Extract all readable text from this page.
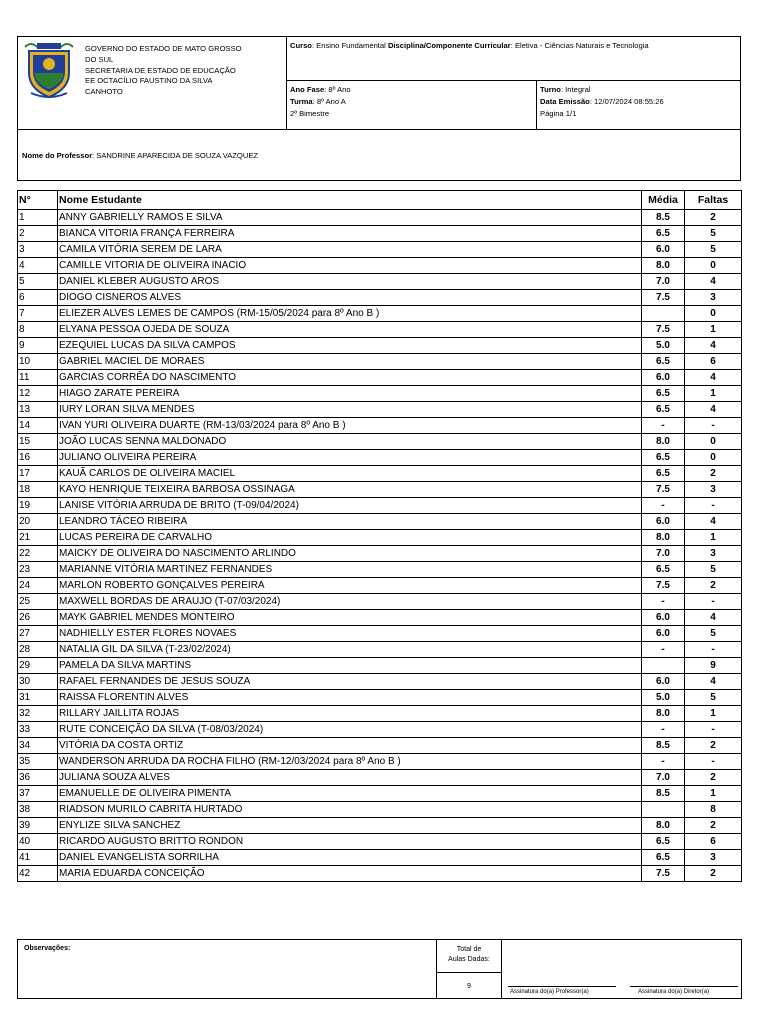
GOVERNO DO ESTADO DE MATO GROSSO
DO SUL
SECRETARIA DE ESTADO DE EDUCAÇÃO
EE OCTACÍLIO FAUSTINO DA SILVA
CANHOTO
Curso: Ensino Fundamental Disciplina/Componente Curricular: Eletiva - Ciências Naturais e Tecnologia
Ano Fase: 8º Ano
Turma: 8º Ano A
2º Bimestre
Turno: Integral
Data Emissão: 12/07/2024 08:55:26
Página 1/1
Nome do Professor: SANDRINE APARECIDA DE SOUZA VAZQUEZ
N°	Nome Estudante	Média	Faltas
1	ANNY GABRIELLY RAMOS E SILVA	8.5	2
2	BIANCA VITORIA FRANÇA FERREIRA	6.5	5
3	CAMILA VITÓRIA SEREM DE LARA	6.0	5
4	CAMILLE VITORIA DE OLIVEIRA INACIO	8.0	0
5	DANIEL KLEBER AUGUSTO AROS	7.0	4
6	DIOGO CISNEROS ALVES	7.5	3
7	ELIEZER ALVES LEMES DE CAMPOS (RM-15/05/2024 para 8º Ano B )		0
8	ELYANA PESSOA OJEDA DE SOUZA	7.5	1
9	EZEQUIEL LUCAS DA SILVA CAMPOS	5.0	4
10	GABRIEL MACIEL DE MORAES	6.5	6
11	GARCIAS CORRÊA DO NASCIMENTO	6.0	4
12	HIAGO ZARATE PEREIRA	6.5	1
13	IURY LORAN SILVA MENDES	6.5	4
14	IVAN YURI OLIVEIRA DUARTE (RM-13/03/2024 para 8º Ano B )	-	-
15	JOÃO LUCAS SENNA MALDONADO	8.0	0
16	JULIANO OLIVEIRA PEREIRA	6.5	0
17	KAUÃ CARLOS DE OLIVEIRA MACIEL	6.5	2
18	KAYO HENRIQUE TEIXEIRA BARBOSA OSSINAGA	7.5	3
19	LANISE VITÓRIA ARRUDA DE BRITO (T-09/04/2024)	-	-
20	LEANDRO TÁCEO RIBEIRA	6.0	4
21	LUCAS PEREIRA DE CARVALHO	8.0	1
22	MAICKY DE OLIVEIRA DO NASCIMENTO ARLINDO	7.0	3
23	MARIANNE VITÓRIA MARTINEZ FERNANDES	6.5	5
24	MARLON ROBERTO GONÇALVES PEREIRA	7.5	2
25	MAXWELL BORDAS DE ARAUJO (T-07/03/2024)	-	-
26	MAYK GABRIEL MENDES MONTEIRO	6.0	4
27	NADHIELLY ESTER FLORES NOVAES	6.0	5
28	NATALIA GIL DA SILVA (T-23/02/2024)	-	-
29	PAMELA DA SILVA MARTINS		9
30	RAFAEL FERNANDES DE JESUS SOUZA	6.0	4
31	RAISSA FLORENTIN ALVES	5.0	5
32	RILLARY JAILLITA ROJAS	8.0	1
33	RUTE CONCEIÇÃO DA SILVA (T-08/03/2024)	-	-
34	VITÓRIA DA COSTA ORTIZ	8.5	2
35	WANDERSON ARRUDA DA ROCHA FILHO (RM-12/03/2024 para 8º Ano B )	-	-
36	JULIANA SOUZA ALVES	7.0	2
37	EMANUELLE DE OLIVEIRA PIMENTA	8.5	1
38	RIADSON MURILO CABRITA HURTADO		8
39	ENYLIZE SILVA SANCHEZ	8.0	2
40	RICARDO AUGUSTO BRITTO RONDON	6.5	6
41	DANIEL EVANGELISTA SORRILHA	6.5	3
42	MARIA EDUARDA CONCEIÇÃO	7.5	2
Observações:	Total de
Aulas Dadas:
9
Assinatura do(a) Professor(a)	Assinatura do(a) Diretor(a)
